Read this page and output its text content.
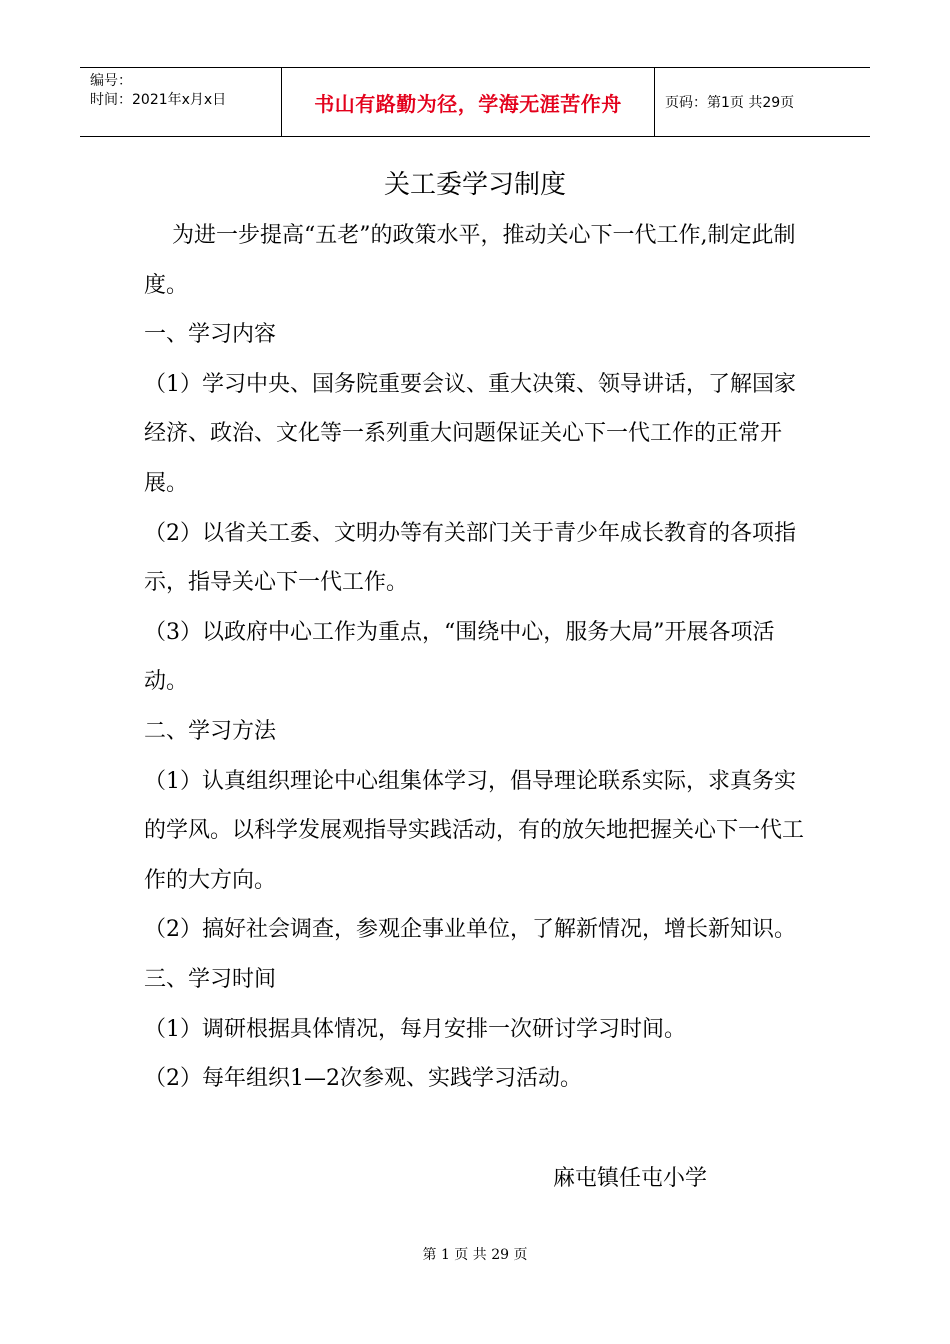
编号：
时间：2021年x月x日	书山有路勤为径，学海无涯苦作舟	页码：第1页 共29页
关工委学习制度

为进一步提高“五老”的政策水平，推动关心下一代工作,制定此制度。

一、学习内容

（1）学习中央、国务院重要会议、重大决策、领导讲话，了解国家经济、政治、文化等一系列重大问题保证关心下一代工作的正常开展。

（2）以省关工委、文明办等有关部门关于青少年成长教育的各项指示，指导关心下一代工作。

（3）以政府中心工作为重点，“围绕中心，服务大局”开展各项活动。

二、学习方法

（1）认真组织理论中心组集体学习，倡导理论联系实际，求真务实的学风。以科学发展观指导实践活动，有的放矢地把握关心下一代工作的大方向。

（2）搞好社会调查，参观企事业单位，了解新情况，增长新知识。

三、学习时间

（1）调研根据具体情况，每月安排一次研讨学习时间。

（2）每年组织1—2次参观、实践学习活动。

麻屯镇任屯小学
第 1 页 共 29 页
